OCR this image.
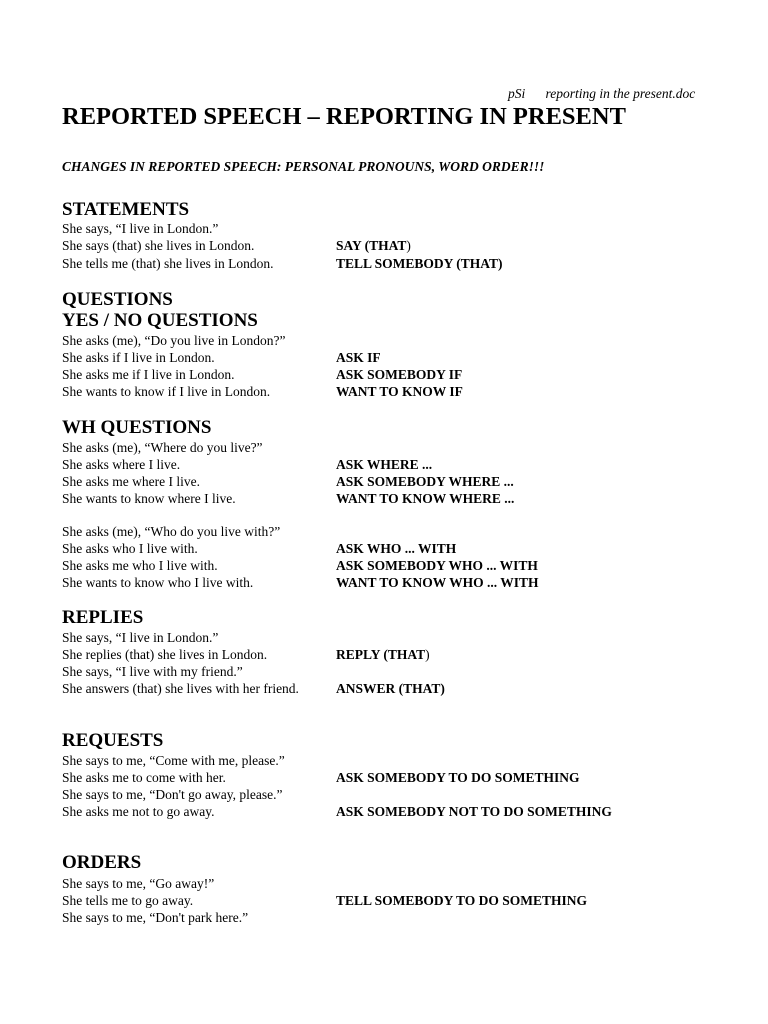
pSi reporting in the present.doc
REPORTED SPEECH – REPORTING IN PRESENT
CHANGES IN REPORTED SPEECH: PERSONAL PRONOUNS, WORD ORDER!!!
STATEMENTS
She says, “I live in London.”
She says (that) she lives in London.	SAY (THAT)
She tells me (that) she lives in London.	TELL SOMEBODY (THAT)
QUESTIONS
YES / NO QUESTIONS
She asks (me), “Do you live in London?”
She asks if I live in London.	ASK IF
She asks me if I live in London.	ASK SOMEBODY IF
She wants to know if I live in London.	WANT TO KNOW IF
WH QUESTIONS
She asks (me), “Where do you live?”
She asks where I live.	ASK WHERE ...
She asks me where I live.	ASK SOMEBODY WHERE ...
She wants to know where I live.	WANT TO KNOW WHERE ...
She asks (me), “Who do you live with?”
She asks who I live with.	ASK WHO ... WITH
She asks me who I live with.	ASK SOMEBODY WHO ... WITH
She wants to know who I live with.	WANT TO KNOW WHO ... WITH
REPLIES
She says, “I live in London.”
She replies (that) she lives in London.	REPLY (THAT)
She says, “I live with my friend.”
She answers (that) she lives with her friend.	ANSWER (THAT)
REQUESTS
She says to me, “Come with me, please.”
She asks me to come with her.	ASK SOMEBODY TO DO SOMETHING
She says to me, “Don't go away, please.”
She asks me not to go away.	ASK SOMEBODY NOT TO DO SOMETHING
ORDERS
She says to me, “Go away!”
She tells me to go away.	TELL SOMEBODY TO DO SOMETHING
She says to me, “Don't park here.”
